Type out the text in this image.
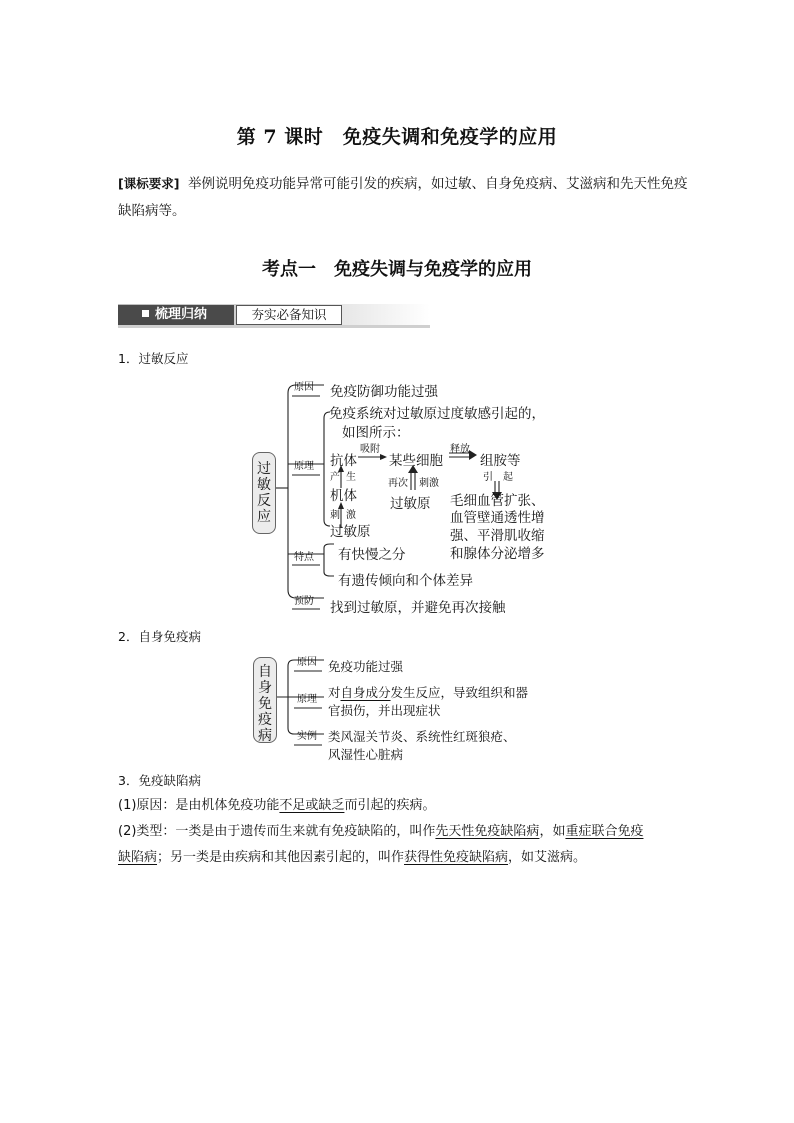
第 7 课时　免疫失调和免疫学的应用
[课标要求] 举例说明免疫功能异常可能引发的疾病，如过敏、自身免疫病、艾滋病和先天性免疫缺陷病等。
考点一　免疫失调与免疫学的应用
梳理归纳	夯实必备知识
1．过敏反应
过
敏
反
应
原因 免疫防御功能过强
原理
免疫系统对过敏原过度敏感引起的，
如图所示：
抗体
吸附
某些细胞
释放
组胺等
产 生
机体
刺 激
过敏原
再次 刺激
过敏原
引 起
毛细血管扩张、
血管壁通透性增
强、平滑肌收缩
和腺体分泌增多
特点 有快慢之分
有遗传倾向和个体差异
预防 找到过敏原，并避免再次接触
2．自身免疫病
自
身
免
疫
病
原因 免疫功能过强
原理 对自身成分发生反应，导致组织和器
官损伤，并出现症状
实例 类风湿关节炎、系统性红斑狼疮、
风湿性心脏病
3．免疫缺陷病
(1)原因：是由机体免疫功能不足或缺乏而引起的疾病。
(2)类型：一类是由于遗传而生来就有免疫缺陷的，叫作先天性免疫缺陷病，如重症联合免疫
缺陷病；另一类是由疾病和其他因素引起的，叫作获得性免疫缺陷病，如艾滋病。
